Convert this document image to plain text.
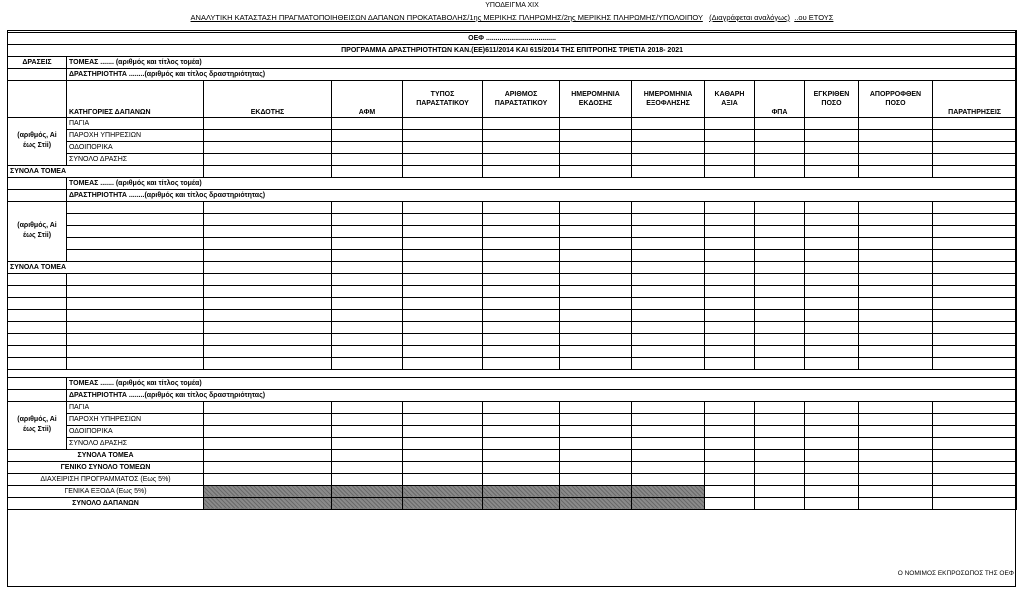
ΥΠΟΔΕΙΓΜΑ ΧΙΧ
ΑΝΑΛΥΤΙΚΗ ΚΑΤΑΣΤΑΣΗ ΠΡΑΓΜΑΤΟΠΟΙΗΘΕΙΣΩΝ ΔΑΠΑΝΩΝ ΠΡΟΚΑΤΑΒΟΛΗΣ/1ης ΜΕΡΙΚΗΣ ΠΛΗΡΩΜΗΣ/2ης ΜΕΡΙΚΗΣ ΠΛΗΡΩΜΗΣ/ΥΠΟΛΟΙΠΟΥ (Διαγράφεται αναλόγως) ..ου ΕΤΟΥΣ

ΟΕΦ ....................................												
ΠΡΟΓΡΑΜΜΑ ΔΡΑΣΤΗΡΙΟΤΗΤΩΝ ΚΑΝ.(ΕΕ)611/2014 ΚΑΙ 615/2014 ΤΗΣ ΕΠΙΤΡΟΠΗΣ ΤΡΙΕΤΙΑ 2018- 2021												
ΔΡΑΣΕΙΣ	ΤΟΜΕΑΣ ....... (αριθμός και τίτλος τομέα)											
	ΔΡΑΣΤΗΡΙΟΤΗΤΑ ........(αριθμός και τίτλος δραστηριότητας)											
	ΚΑΤΗΓΟΡΙΕΣ ΔΑΠΑΝΩΝ	ΕΚΔΟΤΗΣ	ΑΦΜ	ΤΥΠΟΣ ΠΑΡΑΣΤΑΤΙΚΟΥ	ΑΡΙΘΜΟΣ ΠΑΡΑΣΤΑΤΙΚΟΥ	ΗΜΕΡΟΜΗΝΙΑ ΕΚΔΟΣΗΣ	ΗΜΕΡΟΜΗΝΙΑ ΕΞΟΦΛΗΣΗΣ	ΚΑΘΑΡΗ ΑΞΙΑ	ΦΠΑ	ΕΓΚΡΙΘΕΝ ΠΟΣΟ	ΑΠΟΡΡΟΦΘΕΝ ΠΟΣΟ	ΠΑΡΑΤΗΡΗΣΕΙΣ
(αριθμός, Αi έως Στii)	ΠΑΓΙΑ											
	ΠΑΡΟΧΗ ΥΠΗΡΕΣΙΩΝ											
	ΟΔΟΙΠΟΡΙΚΑ											
	ΣΥΝΟΛΟ ΔΡΑΣΗΣ											
ΣΥΝΟΛΑ ΤΟΜΕΑ												
	ΤΟΜΕΑΣ ....... (αριθμός και τίτλος τομέα)											
	ΔΡΑΣΤΗΡΙΟΤΗΤΑ ........(αριθμός και τίτλος δραστηριότητας)											
(αριθμός, Αi έως Στii)												

ΣΥΝΟΛΑ ΤΟΜΕΑ												

	ΤΟΜΕΑΣ ....... (αριθμός και τίτλος τομέα)											
	ΔΡΑΣΤΗΡΙΟΤΗΤΑ ........(αριθμός και τίτλος δραστηριότητας)											
(αριθμός, Αi έως Στii)	ΠΑΓΙΑ											
	ΠΑΡΟΧΗ ΥΠΗΡΕΣΙΩΝ											
	ΟΔΟΙΠΟΡΙΚΑ											
	ΣΥΝΟΛΟ ΔΡΑΣΗΣ											
ΣΥΝΟΛΑ ΤΟΜΕΑ												
ΓΕΝΙΚΟ ΣΥΝΟΛΟ ΤΟΜΕΩΝ												
ΔΙΑΧΕΙΡΙΣΗ ΠΡΟΓΡΑΜΜΑΤΟΣ (Εως 5%)												
ΓΕΝΙΚΑ ΕΞΟΔΑ (Εως 5%)												
ΣΥΝΟΛΟ ΔΑΠΑΝΩΝ												
Ο ΝΟΜΙΜΟΣ ΕΚΠΡΟΣΩΠΟΣ ΤΗΣ ΟΕΦ
